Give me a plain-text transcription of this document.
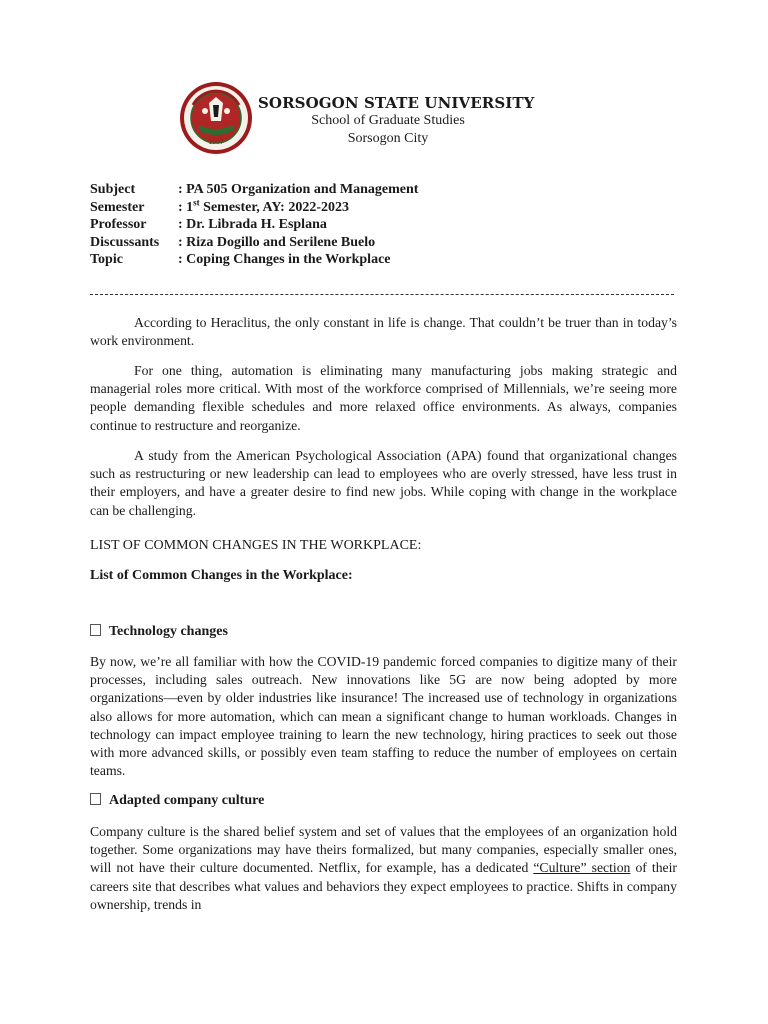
1907
SORSOGON STATE UNIVERSITY
School of Graduate Studies
Sorsogon City
Subject	: PA 505 Organization and Management
Semester	: 1st Semester, AY: 2022-2023
Professor	: Dr. Librada H. Esplana
Discussants	: Riza Dogillo and Serilene Buelo
Topic	: Coping Changes in the Workplace

According to Heraclitus, the only constant in life is change. That couldn’t be truer than in today’s work environment.

For one thing, automation is eliminating many manufacturing jobs making strategic and managerial roles more critical. With most of the workforce comprised of Millennials, we’re seeing more people demanding flexible schedules and more relaxed office environments. As always, companies continue to restructure and reorganize.

A study from the American Psychological Association (APA) found that organizational changes such as restructuring or new leadership can lead to employees who are overly stressed, have less trust in their employers, and have a greater desire to find new jobs. While coping with change in the workplace can be challenging.

LIST OF COMMON CHANGES IN THE WORKPLACE:
List of Common Changes in the Workplace:
Technology changes

By now, we’re all familiar with how the COVID-19 pandemic forced companies to digitize many of their processes, including sales outreach. New innovations like 5G are now being adopted by more organizations—even by older industries like insurance! The increased use of technology in organizations also allows for more automation, which can mean a significant change to human workloads. Changes in technology can impact employee training to learn the new technology, hiring practices to seek out those with more advanced skills, or possibly even team staffing to reduce the number of employees on certain teams.

Adapted company culture

Company culture is the shared belief system and set of values that the employees of an organization hold together. Some organizations may have theirs formalized, but many companies, especially smaller ones, will not have their culture documented. Netflix, for example, has a dedicated “Culture” section of their careers site that describes what values and behaviors they expect employees to practice. Shifts in company ownership, trends in
